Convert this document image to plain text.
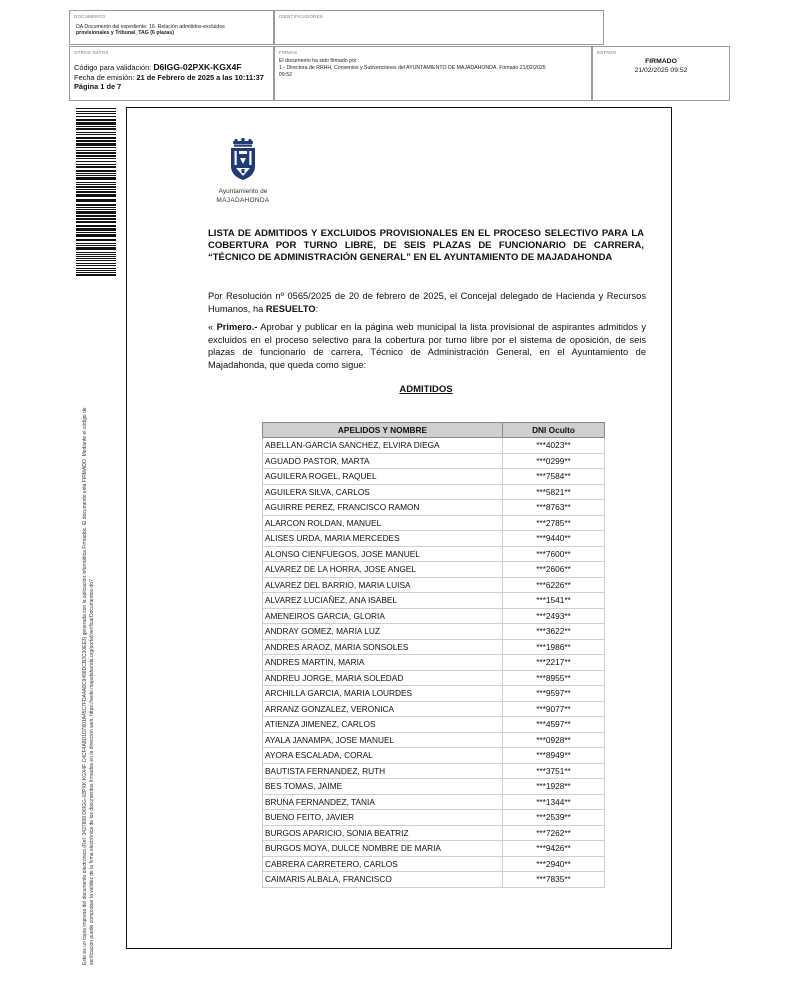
DOCUMENTO
DA Documento del expediente: 16. Relación admitidos-excluidos
provisionales y Tribunal_TAG (6 plazas)
IDENTIFICADORES
OTROS DATOS
Código para validación: D6IGG-02PXK-KGX4F
Fecha de emisión: 21 de Febrero de 2025 a las 10:11:37
Página 1 de 7
FIRMAS
El documento ha sido firmado por :
1.- Directora de RRHH, Convenios y Subvenciones del AYUNTAMIENTO DE MAJADAHONDA. Firmado 21/02/2025
09:52
ESTADO
FIRMADO
21/02/2025 09:52
Este es un copia impresa del documento electrónico (Ref: 3427898 D6IGG-02PXK-KGX4F C4CF4A8D1D7801A45C7FDA4A8C9498DCB3C30EE3) generada con la aplicación informática Firmadoc. El documento está FIRMADO. Mediante el código de verificación puede comprobar la validez de la firma electrónica de los documentos firmados en la dirección web: https://sede.majadahonda.org/portal/verificarDocumentos.do?
Ayuntamiento de
MAJADAHONDA
LISTA DE ADMITIDOS Y EXCLUIDOS PROVISIONALES EN EL PROCESO SELECTIVO PARA LA COBERTURA POR TURNO LIBRE, DE SEIS PLAZAS DE FUNCIONARIO DE CARRERA, “TÉCNICO DE ADMINISTRACIÓN GENERAL” EN EL AYUNTAMIENTO DE MAJADAHONDA
Por Resolución nº 0565/2025 de 20 de febrero de 2025, el Concejal delegado de Hacienda y Recursos Humanos, ha RESUELTO:
« Primero.- Aprobar y publicar en la página web municipal la lista provisional de aspirantes admitidos y excluidos en el proceso selectivo para la cobertura por turno libre por el sistema de oposición, de seis plazas de funcionario de carrera, Técnico de Administración General, en el Ayuntamiento de Majadahonda, que queda como sigue:
ADMITIDOS
APELIDOS Y NOMBRE	DNI Oculto
ABELLAN-GARCIA SANCHEZ, ELVIRA DIEGA	***4023**
AGUADO PASTOR, MARTA	***0299**
AGUILERA ROGEL, RAQUEL	***7584**
AGUILERA SILVA, CARLOS	***5821**
AGUIRRE PEREZ, FRANCISCO RAMON	***8763**
ALARCON ROLDAN, MANUEL	***2785**
ALISES URDA, MARIA MERCEDES	***9440**
ALONSO CIENFUEGOS, JOSE MANUEL	***7600**
ALVAREZ DE LA HORRA, JOSE ANGEL	***2606**
ALVAREZ DEL BARRIO, MARIA LUISA	***6226**
ALVAREZ LUCIAÑEZ, ANA ISABEL	***1541**
AMENEIROS GARCIA, GLORIA	***2493**
ANDRAY GOMEZ, MARIA LUZ	***3622**
ANDRES ARAOZ, MARIA SONSOLES	***1986**
ANDRES MARTIN, MARIA	***2217**
ANDREU JORGE, MARIA SOLEDAD	***8955**
ARCHILLA GARCIA, MARIA LOURDES	***9597**
ARRANZ GONZALEZ, VERONICA	***9077**
ATIENZA JIMENEZ, CARLOS	***4597**
AYALA JANAMPA, JOSE MANUEL	***0928**
AYORA ESCALADA, CORAL	***8949**
BAUTISTA FERNANDEZ, RUTH	***3751**
BES TOMAS, JAIME	***1928**
BRUNA FERNANDEZ, TANIA	***1344**
BUENO FEITO, JAVIER	***2539**
BURGOS APARICIO, SONIA BEATRIZ	***7262**
BURGOS MOYA, DULCE NOMBRE DE MARIA	***9426**
CABRERA CARRETERO, CARLOS	***2940**
CAIMARIS ALBALA, FRANCISCO	***7835**
